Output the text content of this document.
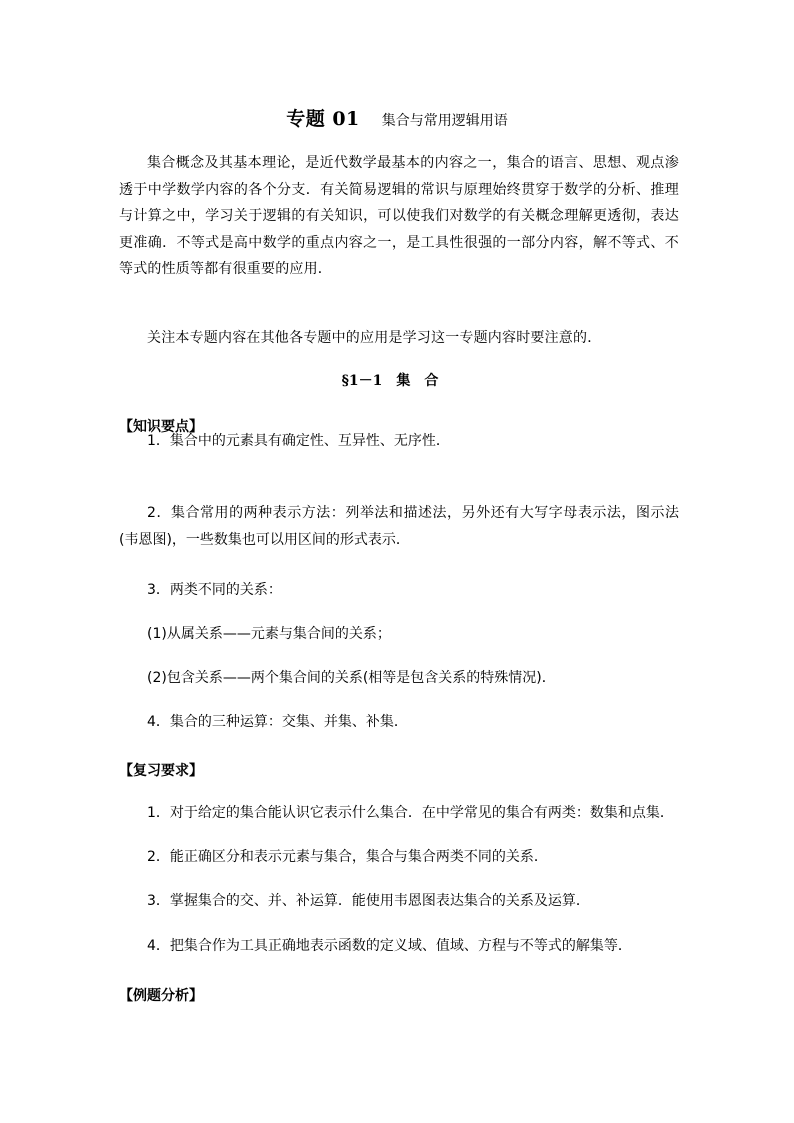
专题 01 集合与常用逻辑用语
集合概念及其基本理论，是近代数学最基本的内容之一，集合的语言、思想、观点渗透于中学数学内容的各个分支．有关简易逻辑的常识与原理始终贯穿于数学的分析、推理与计算之中，学习关于逻辑的有关知识，可以使我们对数学的有关概念理解更透彻，表达更准确．不等式是高中数学的重点内容之一，是工具性很强的一部分内容，解不等式、不等式的性质等都有很重要的应用．
关注本专题内容在其他各专题中的应用是学习这一专题内容时要注意的．
§1－1 集合
【知识要点】
1．集合中的元素具有确定性、互异性、无序性．
2．集合常用的两种表示方法：列举法和描述法，另外还有大写字母表示法，图示法(韦恩图)，一些数集也可以用区间的形式表示．
3．两类不同的关系：
(1)从属关系——元素与集合间的关系；
(2)包含关系——两个集合间的关系(相等是包含关系的特殊情况)．
4．集合的三种运算：交集、并集、补集．
【复习要求】
1．对于给定的集合能认识它表示什么集合．在中学常见的集合有两类：数集和点集．
2．能正确区分和表示元素与集合，集合与集合两类不同的关系．
3．掌握集合的交、并、补运算．能使用韦恩图表达集合的关系及运算．
4．把集合作为工具正确地表示函数的定义域、值域、方程与不等式的解集等．
【例题分析】
